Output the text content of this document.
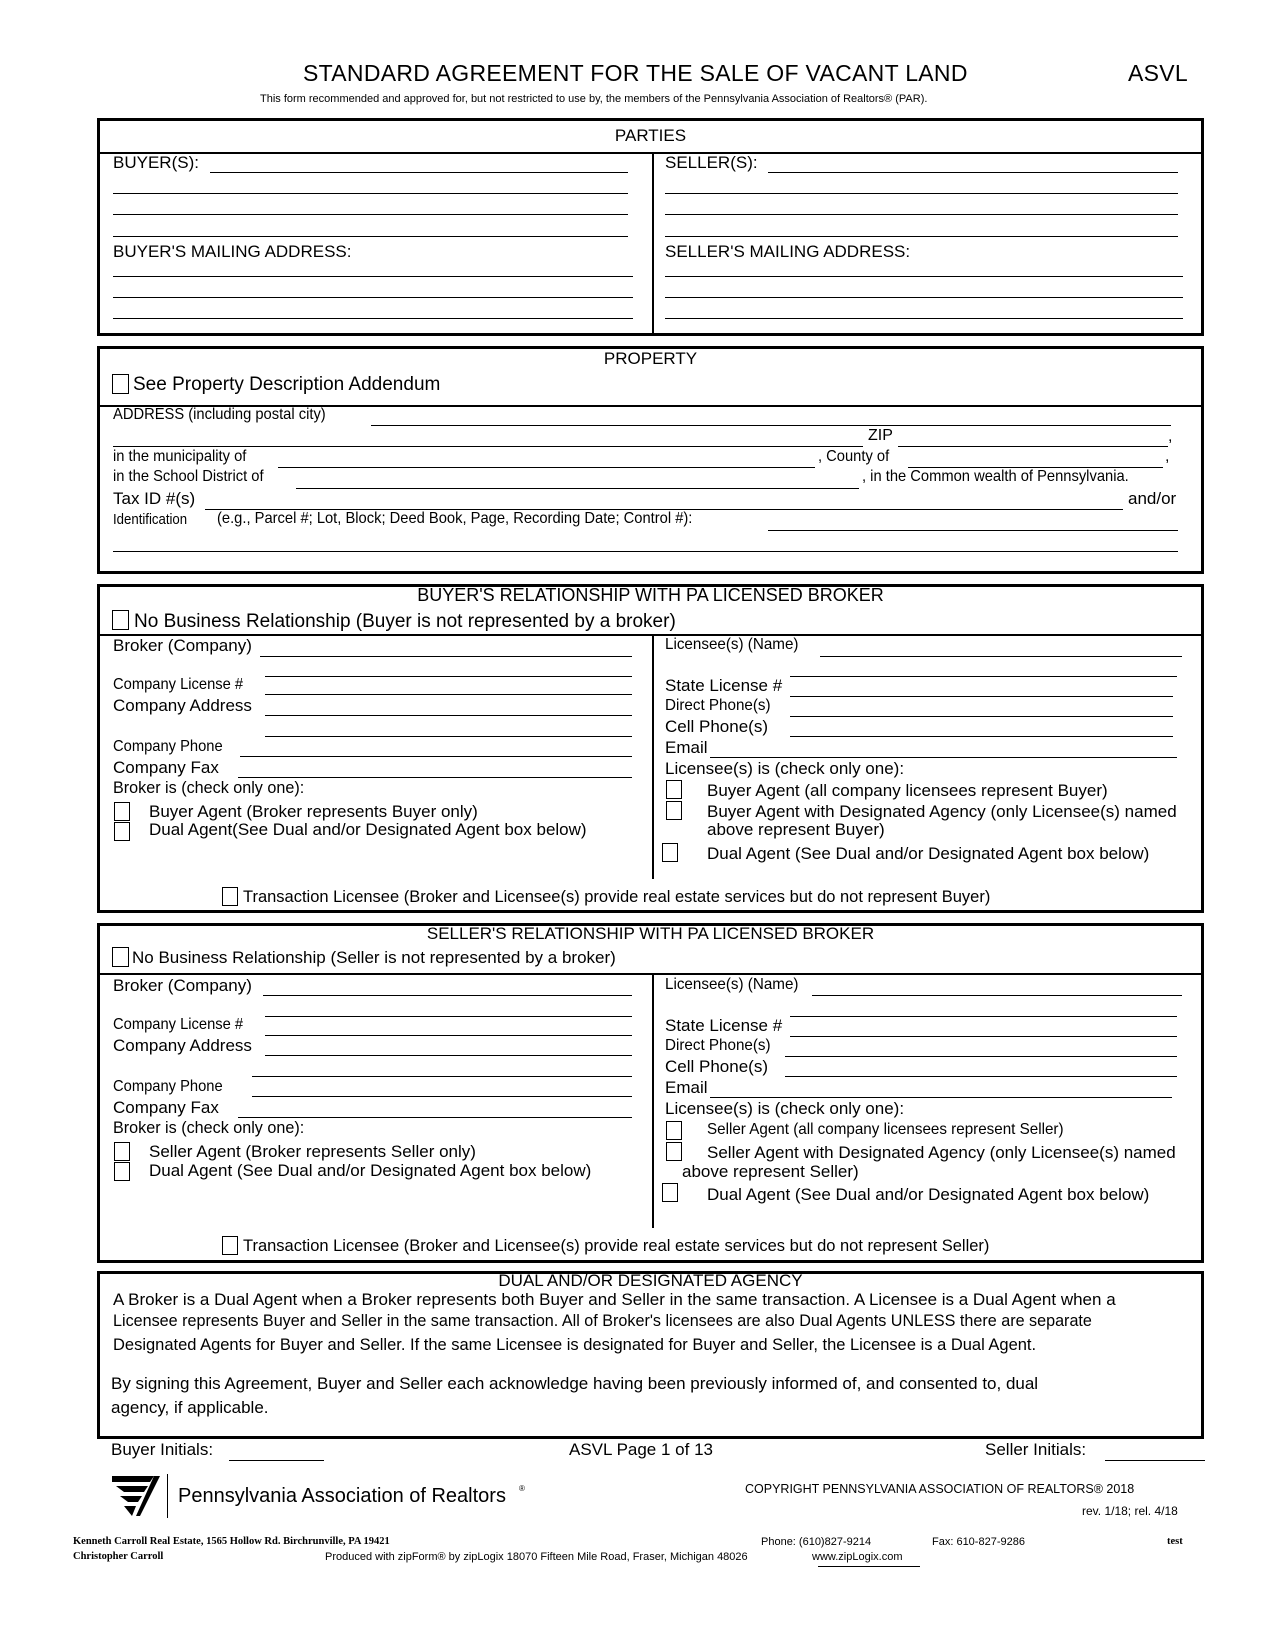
STANDARD AGREEMENT FOR THE SALE OF VACANT LAND	ASVL
This form recommended and approved for, but not restricted to use by, the members of the Pennsylvania Association of Realtors® (PAR).
PARTIES
BUYER(S):
BUYER'S MAILING ADDRESS:
SELLER(S):
SELLER'S MAILING ADDRESS:
PROPERTY
See Property Description Addendum
ADDRESS (including postal city)
ZIP	,
in the municipality of	, County of	,
in the School District of	, in the Common wealth of Pennsylvania.
Tax ID #(s)	and/or
Identification (e.g., Parcel #; Lot, Block; Deed Book, Page, Recording Date; Control #):
BUYER'S RELATIONSHIP WITH PA LICENSED BROKER
No Business Relationship (Buyer is not represented by a broker)
Broker (Company)
Company License #
Company Address
Company Phone
Company Fax
Broker is (check only one):
Buyer Agent (Broker represents Buyer only)
Dual Agent(See Dual and/or Designated Agent box below)
Licensee(s) (Name)
State License #
Direct Phone(s)
Cell Phone(s)
Email
Licensee(s) is (check only one):
Buyer Agent (all company licensees represent Buyer)
Buyer Agent with Designated Agency (only Licensee(s) named
above represent Buyer)
Dual Agent (See Dual and/or Designated Agent box below)
Transaction Licensee (Broker and Licensee(s) provide real estate services but do not represent Buyer)
SELLER'S RELATIONSHIP WITH PA LICENSED BROKER
No Business Relationship (Seller is not represented by a broker)
Broker (Company)
Company License #
Company Address
Company Phone
Company Fax
Broker is (check only one):
Seller Agent (Broker represents Seller only)
Dual Agent (See Dual and/or Designated Agent box below)
Licensee(s) (Name)
State License #
Direct Phone(s)
Cell Phone(s)
Email
Licensee(s) is (check only one):
Seller Agent (all company licensees represent Seller)
Seller Agent with Designated Agency (only Licensee(s) named
above represent Seller)
Dual Agent (See Dual and/or Designated Agent box below)
Transaction Licensee (Broker and Licensee(s) provide real estate services but do not represent Seller)
DUAL AND/OR DESIGNATED AGENCY
A Broker is a Dual Agent when a Broker represents both Buyer and Seller in the same transaction. A Licensee is a Dual Agent when a
Licensee represents Buyer and Seller in the same transaction. All of Broker's licensees are also Dual Agents UNLESS there are separate
Designated Agents for Buyer and Seller. If the same Licensee is designated for Buyer and Seller, the Licensee is a Dual Agent.
By signing this Agreement, Buyer and Seller each acknowledge having been previously informed of, and consented to, dual
agency, if applicable.
Buyer Initials:	ASVL Page 1 of 13	Seller Initials:
Pennsylvania Association of Realtors ®	COPYRIGHT PENNSYLVANIA ASSOCIATION OF REALTORS® 2018
rev. 1/18; rel. 4/18
Kenneth Carroll Real Estate, 1565 Hollow Rd. Birchrunville, PA 19421
Christopher Carroll
Phone: (610)827-9214	Fax: 610-827-9286	test
Produced with zipForm® by zipLogix 18070 Fifteen Mile Road, Fraser, Michigan 48026	www.zipLogix.com
